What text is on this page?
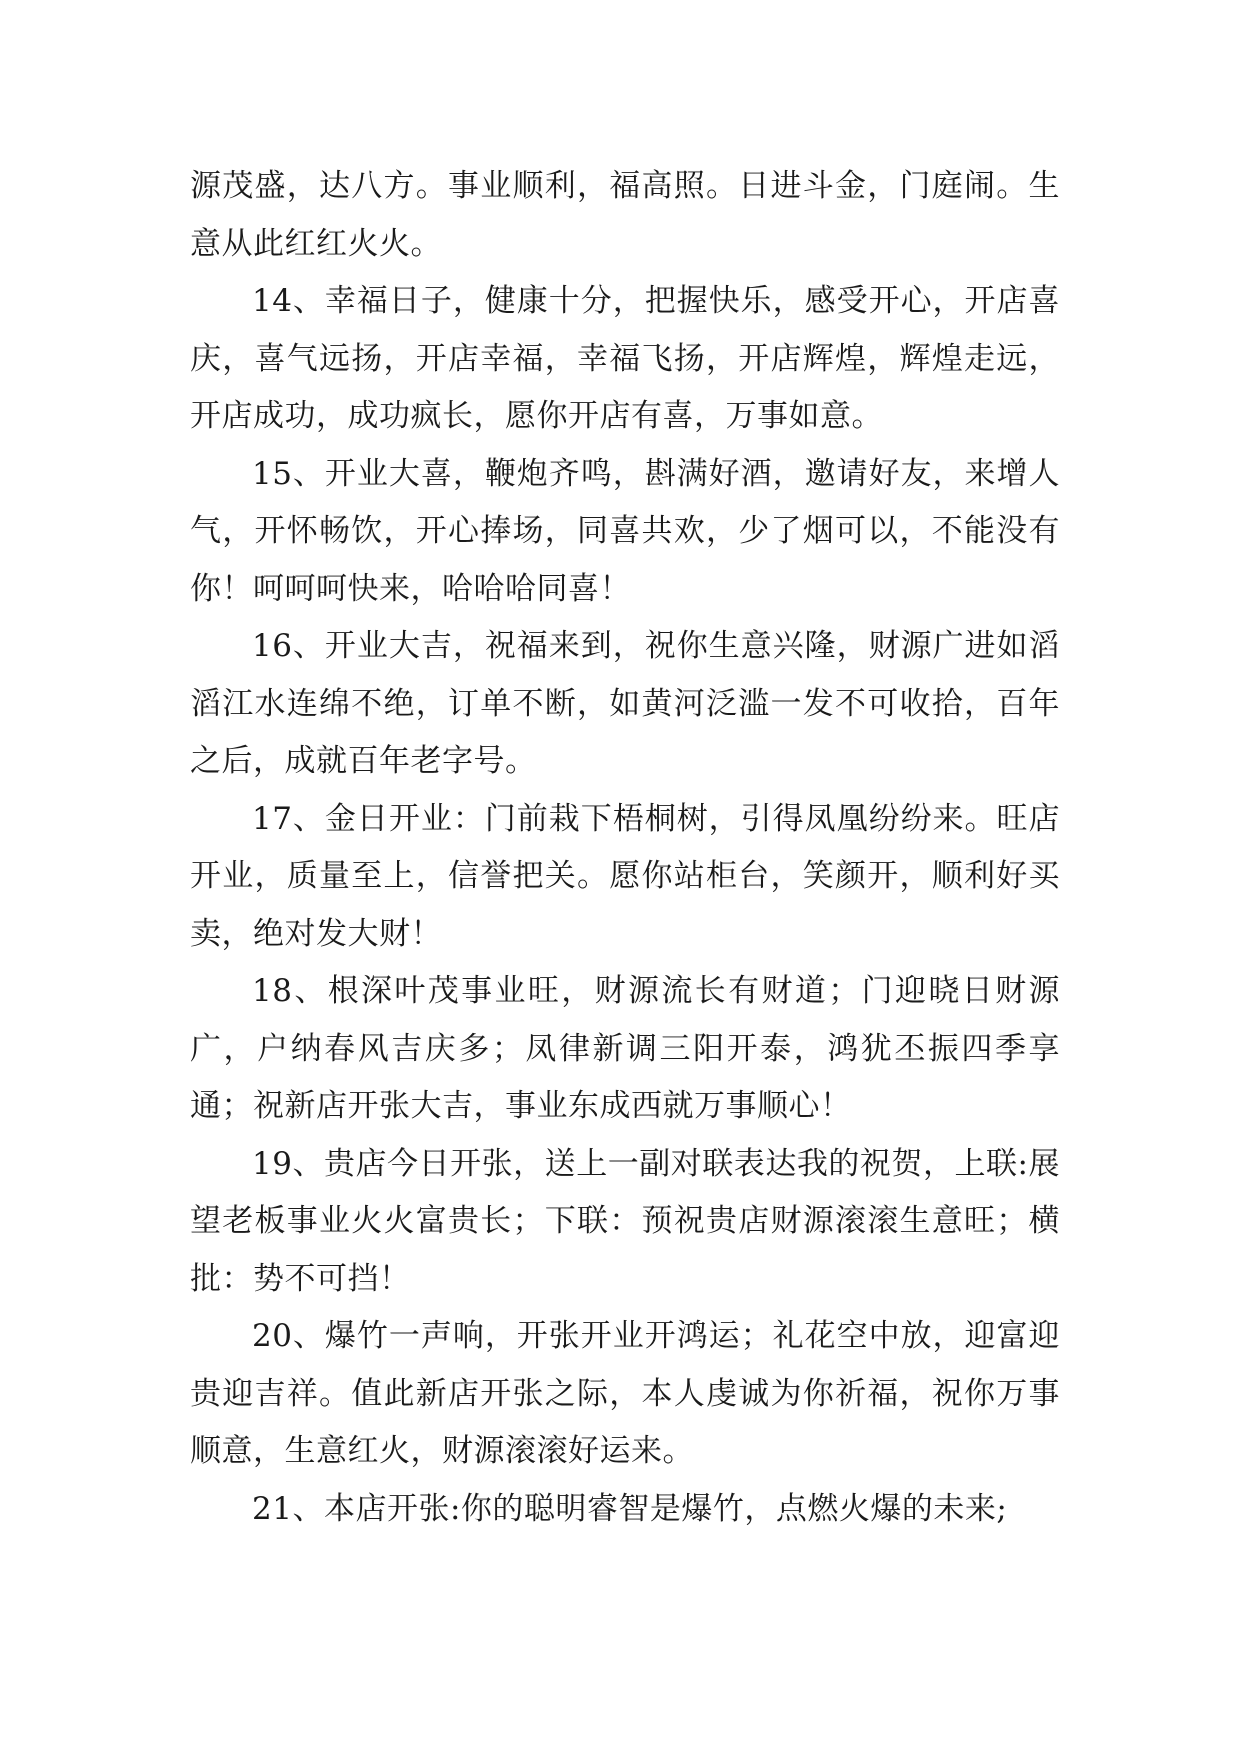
源茂盛，达八方。事业顺利，福高照。日进斗金，门庭闹。生意从此红红火火。

14、幸福日子，健康十分，把握快乐，感受开心，开店喜庆，喜气远扬，开店幸福，幸福飞扬，开店辉煌，辉煌走远，开店成功，成功疯长，愿你开店有喜，万事如意。

15、开业大喜，鞭炮齐鸣，斟满好酒，邀请好友，来增人气，开怀畅饮，开心捧场，同喜共欢，少了烟可以，不能没有你！呵呵呵快来，哈哈哈同喜！

16、开业大吉，祝福来到，祝你生意兴隆，财源广进如滔滔江水连绵不绝，订单不断，如黄河泛滥一发不可收拾，百年之后，成就百年老字号。

17、金日开业：门前栽下梧桐树，引得凤凰纷纷来。旺店开业，质量至上，信誉把关。愿你站柜台，笑颜开，顺利好买卖，绝对发大财！

18、根深叶茂事业旺，财源流长有财道；门迎晓日财源广，户纳春风吉庆多；凤律新调三阳开泰，鸿犹丕振四季享通；祝新店开张大吉，事业东成西就万事顺心！

19、贵店今日开张，送上一副对联表达我的祝贺，上联:展望老板事业火火富贵长；下联：预祝贵店财源滚滚生意旺；横批：势不可挡！

20、爆竹一声响，开张开业开鸿运；礼花空中放，迎富迎贵迎吉祥。值此新店开张之际，本人虔诚为你祈福，祝你万事顺意，生意红火，财源滚滚好运来。

21、本店开张:你的聪明睿智是爆竹，点燃火爆的未来;
